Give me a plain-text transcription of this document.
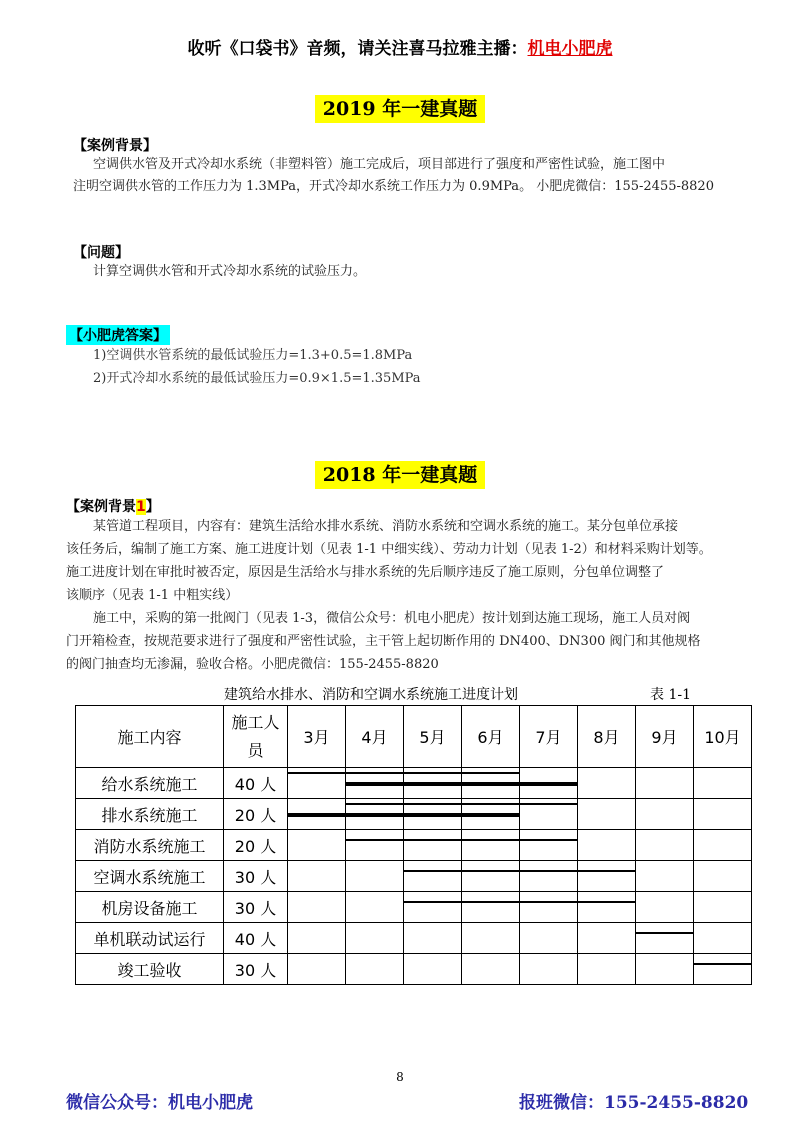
收听《口袋书》音频，请关注喜马拉雅主播：机电小肥虎
2019 年一建真题
【案例背景】
空调供水管及开式冷却水系统（非塑料管）施工完成后，项目部进行了强度和严密性试验，施工图中
注明空调供水管的工作压力为 1.3MPa，开式冷却水系统工作压力为 0.9MPa。 小肥虎微信：155-2455-8820
【问题】
计算空调供水管和开式冷却水系统的试验压力。
【小肥虎答案】
1)空调供水管系统的最低试验压力=1.3+0.5=1.8MPa
2)开式冷却水系统的最低试验压力=0.9×1.5=1.35MPa
2018 年一建真题
【案例背景1】
某管道工程项目，内容有：建筑生活给水排水系统、消防水系统和空调水系统的施工。某分包单位承接
该任务后，编制了施工方案、施工进度计划（见表 1-1 中细实线）、劳动力计划（见表 1-2）和材料采购计划等。
施工进度计划在审批时被否定，原因是生活给水与排水系统的先后顺序违反了施工原则，分包单位调整了
该顺序（见表 1-1 中粗实线）
施工中，采购的第一批阀门（见表 1-3，微信公众号：机电小肥虎）按计划到达施工现场，施工人员对阀
门开箱检查，按规范要求进行了强度和严密性试验，主干管上起切断作用的 DN400、DN300 阀门和其他规格
的阀门抽查均无渗漏，验收合格。小肥虎微信：155-2455-8820
建筑给水排水、消防和空调水系统施工进度计划	表 1-1
施工内容	施工人员	3月	4月	5月	6月	7月	8月	9月	10月
给水系统施工	40 人								
排水系统施工	20 人								
消防水系统施工	20 人								
空调水系统施工	30 人								
机房设备施工	30 人								
单机联动试运行	40 人								
竣工验收	30 人								
8
微信公众号：机电小肥虎	报班微信：155-2455-8820
